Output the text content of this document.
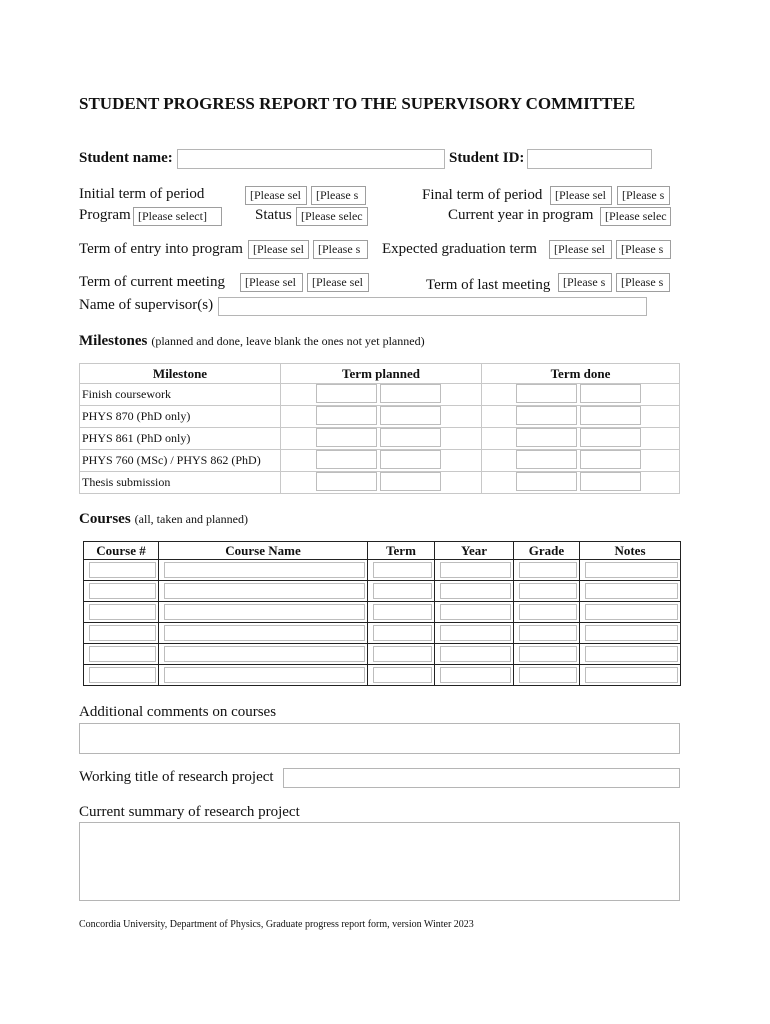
STUDENT PROGRESS REPORT TO THE SUPERVISORY COMMITTEE
Student name:	Student ID:
Initial term of period	[Please sel	[Please s	Final term of period	[Please sel	[Please s
Program [Please select]	Status [Please selec	Current year in program [Please selec
Term of entry into program [Please sel	[Please s	Expected graduation term	[Please sel	[Please s
Term of current meeting	[Please sel	[Please sel	Term of last meeting	[Please s	[Please s
Name of supervisor(s)
Milestones (planned and done, leave blank the ones not yet planned)
Milestone	Term planned	Term done
Finish coursework		
PHYS 870 (PhD only)		
PHYS 861 (PhD only)		
PHYS 760 (MSc) / PHYS 862 (PhD)		
Thesis submission		
Courses (all, taken and planned)
Course #	Course Name	Term	Year	Grade	Notes

Additional comments on courses
Working title of research project
Current summary of research project
Concordia University, Department of Physics, Graduate progress report form, version Winter 2023
